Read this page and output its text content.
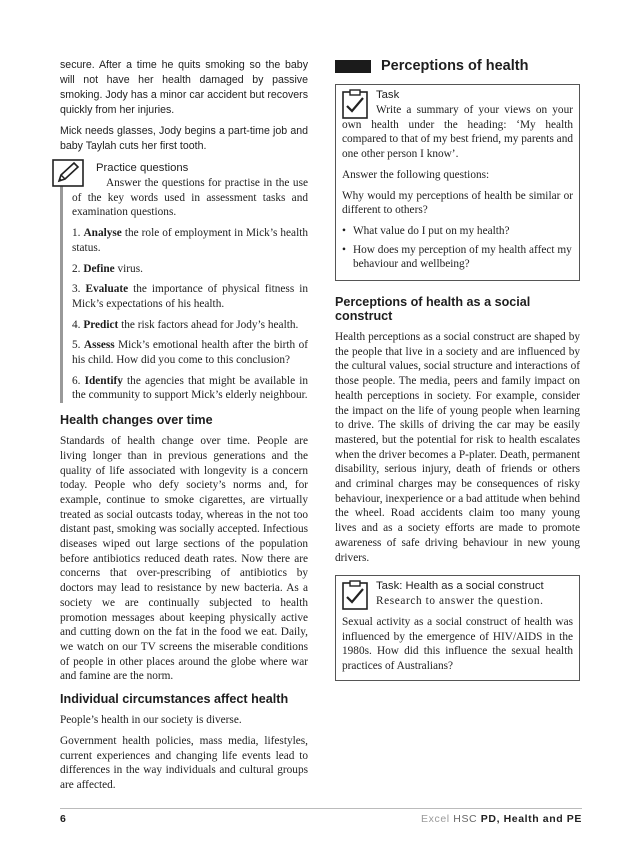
secure. After a time he quits smoking so the baby will not have her health damaged by passive smoking. Jody has a minor car accident but recovers quickly from her injuries.

Mick needs glasses, Jody begins a part-time job and baby Taylah cuts her first tooth.

Practice questions

Answer the questions for practise in the use of the key words used in assessment tasks and examination questions.

1. Analyse the role of employment in Mick’s health status.
2. Define virus.
3. Evaluate the importance of physical fitness in Mick’s expectations of his health.
4. Predict the risk factors ahead for Jody’s health.
5. Assess Mick’s emotional health after the birth of his child. How did you come to this conclusion?
6. Identify the agencies that might be available in the community to support Mick’s elderly neighbour.
Health changes over time

Standards of health change over time. People are living longer than in previous generations and the quality of life associated with longevity is a concern today. People who defy society’s norms and, for example, continue to smoke cigarettes, are virtually treated as social outcasts today, whereas in the not too distant past, smoking was socially accepted. Infectious diseases wiped out large sections of the population before antibiotics reduced death rates. Now there are concerns that over-prescribing of antibiotics by doctors may lead to resistance by new bacteria. As a society we are continually subjected to health promotion messages about keeping physically active and cutting down on the fat in the food we eat. Daily, we watch on our TV screens the miserable conditions of people in other places around the globe where war and famine are the norm.

Individual circumstances affect health

People’s health in our society is diverse.

Government health policies, mass media, lifestyles, current experiences and changing life events lead to differences in the way individuals and cultural groups are affected.

Perceptions of health
Task

Write a summary of your views on your own health under the heading: ‘My health compared to that of my best friend, my parents and one other person I know’.

Answer the following questions:

Why would my perceptions of health be similar or different to others?

• What value do I put on my health?
• How does my perception of my health affect my behaviour and wellbeing?
Perceptions of health as a social construct

Health perceptions as a social construct are shaped by the people that live in a society and are influenced by the cultural values, social structure and interactions of those people. The media, peers and family impact on health perceptions in society. For example, consider the impact on the life of young people when learning to drive. The skills of driving the car may be easily mastered, but the potential for risk to health escalates when the driver becomes a P-plater. Death, permanent disability, serious injury, death of friends or others and criminal charges may be consequences of risky behaviour, inexperience or a bad attitude when behind the wheel. Road accidents claim too many young lives and as a society efforts are made to promote awareness of safe driving behaviour in new young drivers.

Task: Health as a social construct

Research to answer the question.

Sexual activity as a social construct of health was influenced by the emergence of HIV/AIDS in the 1980s. How did this influence the sexual health practices of Australians?

6	Excel HSC PD, Health and PE
